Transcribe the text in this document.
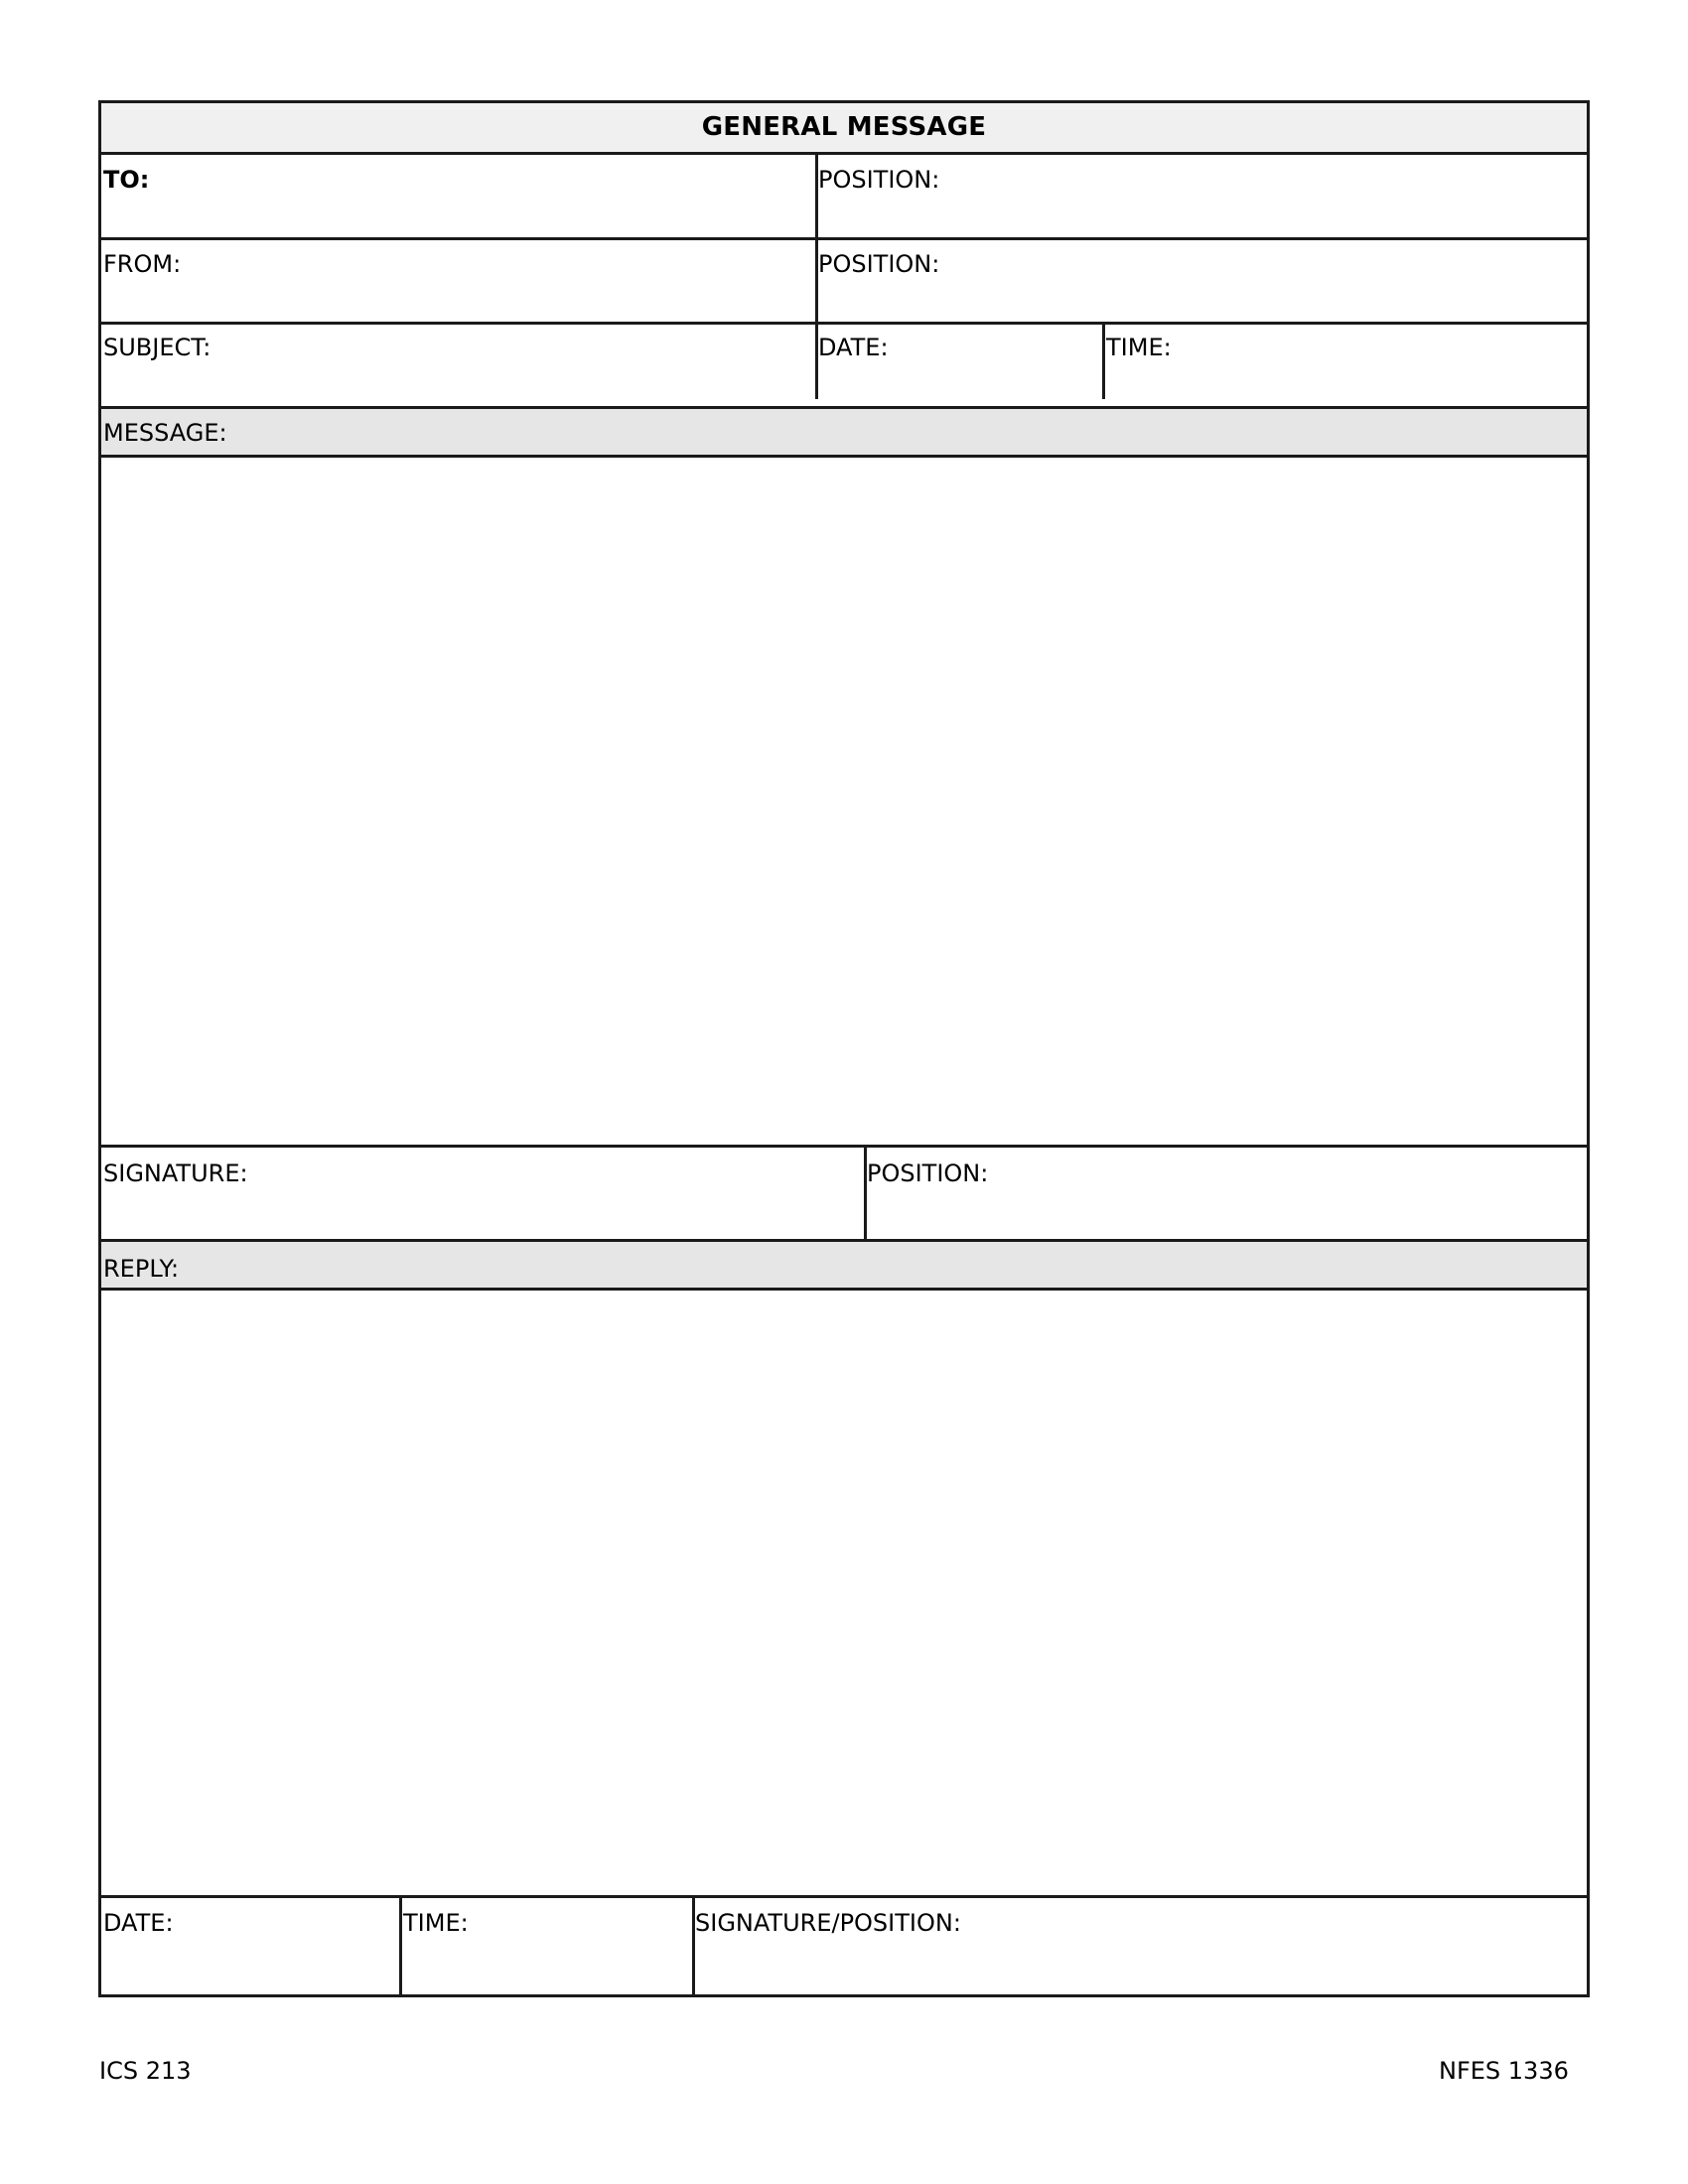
GENERAL MESSAGE
TO:	POSITION:
FROM:	POSITION:
SUBJECT:	DATE:	TIME:
MESSAGE:
SIGNATURE:	POSITION:
REPLY:
DATE:	TIME:	SIGNATURE/POSITION:
ICS 213	NFES 1336
